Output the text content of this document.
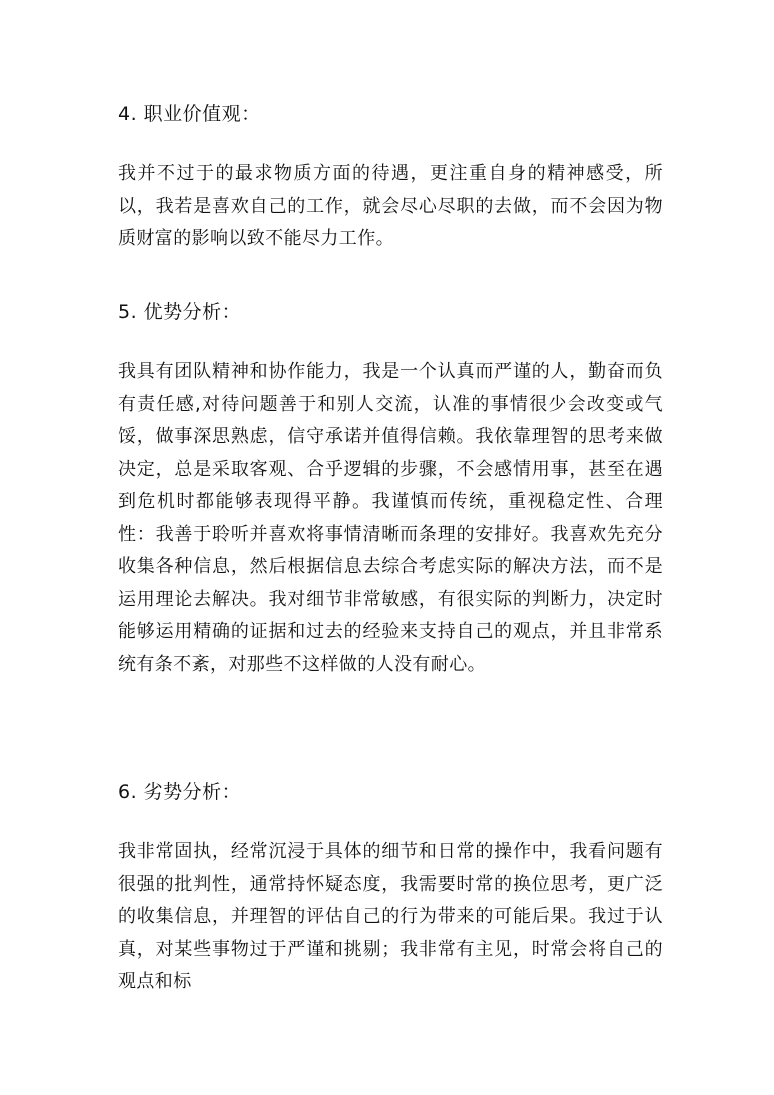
4. 职业价值观：

我并不过于的最求物质方面的待遇，更注重自身的精神感受，所以，我若是喜欢自己的工作，就会尽心尽职的去做，而不会因为物质财富的影响以致不能尽力工作。

5. 优势分析：

我具有团队精神和协作能力，我是一个认真而严谨的人，勤奋而负有责任感,对待问题善于和别人交流，认准的事情很少会改变或气馁，做事深思熟虑，信守承诺并值得信赖。我依靠理智的思考来做决定，总是采取客观、合乎逻辑的步骤，不会感情用事，甚至在遇到危机时都能够表现得平静。我谨慎而传统，重视稳定性、合理性：我善于聆听并喜欢将事情清晰而条理的安排好。我喜欢先充分收集各种信息，然后根据信息去综合考虑实际的解决方法，而不是运用理论去解决。我对细节非常敏感，有很实际的判断力，决定时能够运用精确的证据和过去的经验来支持自己的观点，并且非常系统有条不紊，对那些不这样做的人没有耐心。

6. 劣势分析：

我非常固执，经常沉浸于具体的细节和日常的操作中，我看问题有很强的批判性，通常持怀疑态度，我需要时常的换位思考，更广泛的收集信息，并理智的评估自己的行为带来的可能后果。我过于认真，对某些事物过于严谨和挑剔；我非常有主见，时常会将自己的观点和标
